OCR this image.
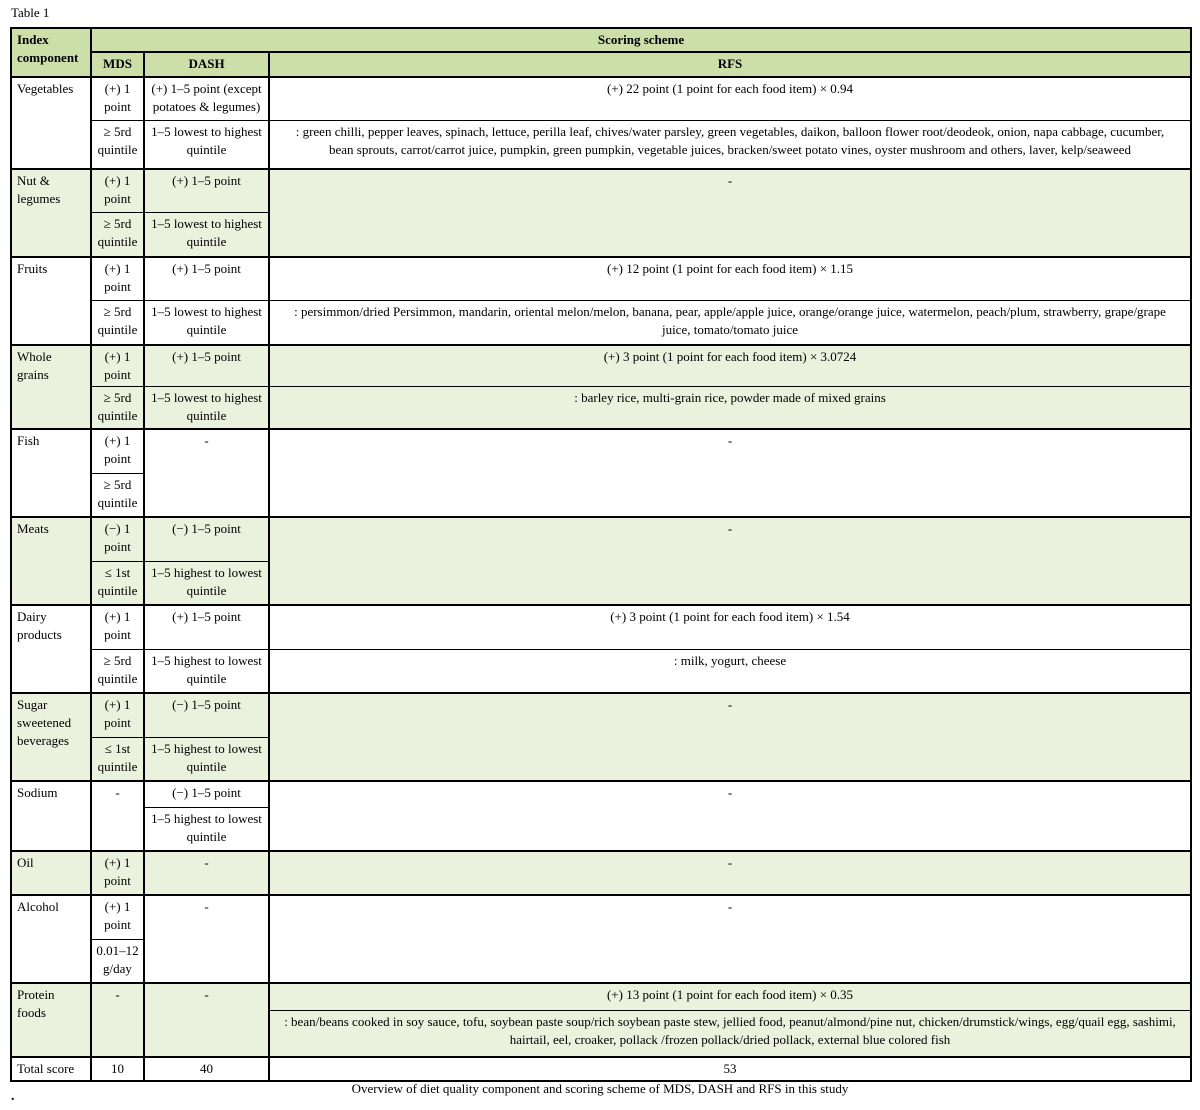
Table 1
Index component	Scoring scheme		
	MDS	DASH	RFS
Vegetables	(+) 1 point	(+) 1–5 point (except potatoes & legumes)	(+) 22 point (1 point for each food item) × 0.94
	≥ 5rd quintile	1–5 lowest to highest quintile	: green chilli, pepper leaves, spinach, lettuce, perilla leaf, chives/water parsley, green vegetables, daikon, balloon flower root/deodeok, onion, napa cabbage, cucumber, bean sprouts, carrot/carrot juice, pumpkin, green pumpkin, vegetable juices, bracken/sweet potato vines, oyster mushroom and others, laver, kelp/seaweed
Nut & legumes	(+) 1 point	(+) 1–5 point	-
	≥ 5rd quintile	1–5 lowest to highest quintile	
Fruits	(+) 1 point	(+) 1–5 point	(+) 12 point (1 point for each food item) × 1.15
	≥ 5rd quintile	1–5 lowest to highest quintile	: persimmon/dried Persimmon, mandarin, oriental melon/melon, banana, pear, apple/apple juice, orange/orange juice, watermelon, peach/plum, strawberry, grape/grape juice, tomato/tomato juice
Whole grains	(+) 1 point	(+) 1–5 point	(+) 3 point (1 point for each food item) × 3.0724
	≥ 5rd quintile	1–5 lowest to highest quintile	: barley rice, multi-grain rice, powder made of mixed grains
Fish	(+) 1 point	-	-
	≥ 5rd quintile		
Meats	(−) 1 point	(−) 1–5 point	-
	≤ 1st quintile	1–5 highest to lowest quintile	
Dairy products	(+) 1 point	(+) 1–5 point	(+) 3 point (1 point for each food item) × 1.54
	≥ 5rd quintile	1–5 highest to lowest quintile	: milk, yogurt, cheese
Sugar sweetened beverages	(+) 1 point	(−) 1–5 point	-
	≤ 1st quintile	1–5 highest to lowest quintile	
Sodium	-	(−) 1–5 point	-
		1–5 highest to lowest quintile	
Oil	(+) 1 point	-	-
Alcohol	(+) 1 point	-	-
	0.01–12 g/day		
Protein foods	-	-	(+) 13 point (1 point for each food item) × 0.35
			: bean/beans cooked in soy sauce, tofu, soybean paste soup/rich soybean paste stew, jellied food, peanut/almond/pine nut, chicken/drumstick/wings, egg/quail egg, sashimi, hairtail, eel, croaker, pollack /frozen pollack/dried pollack, external blue colored fish
Total score	10	40	53
Overview of diet quality component and scoring scheme of MDS, DASH and RFS in this study
.
